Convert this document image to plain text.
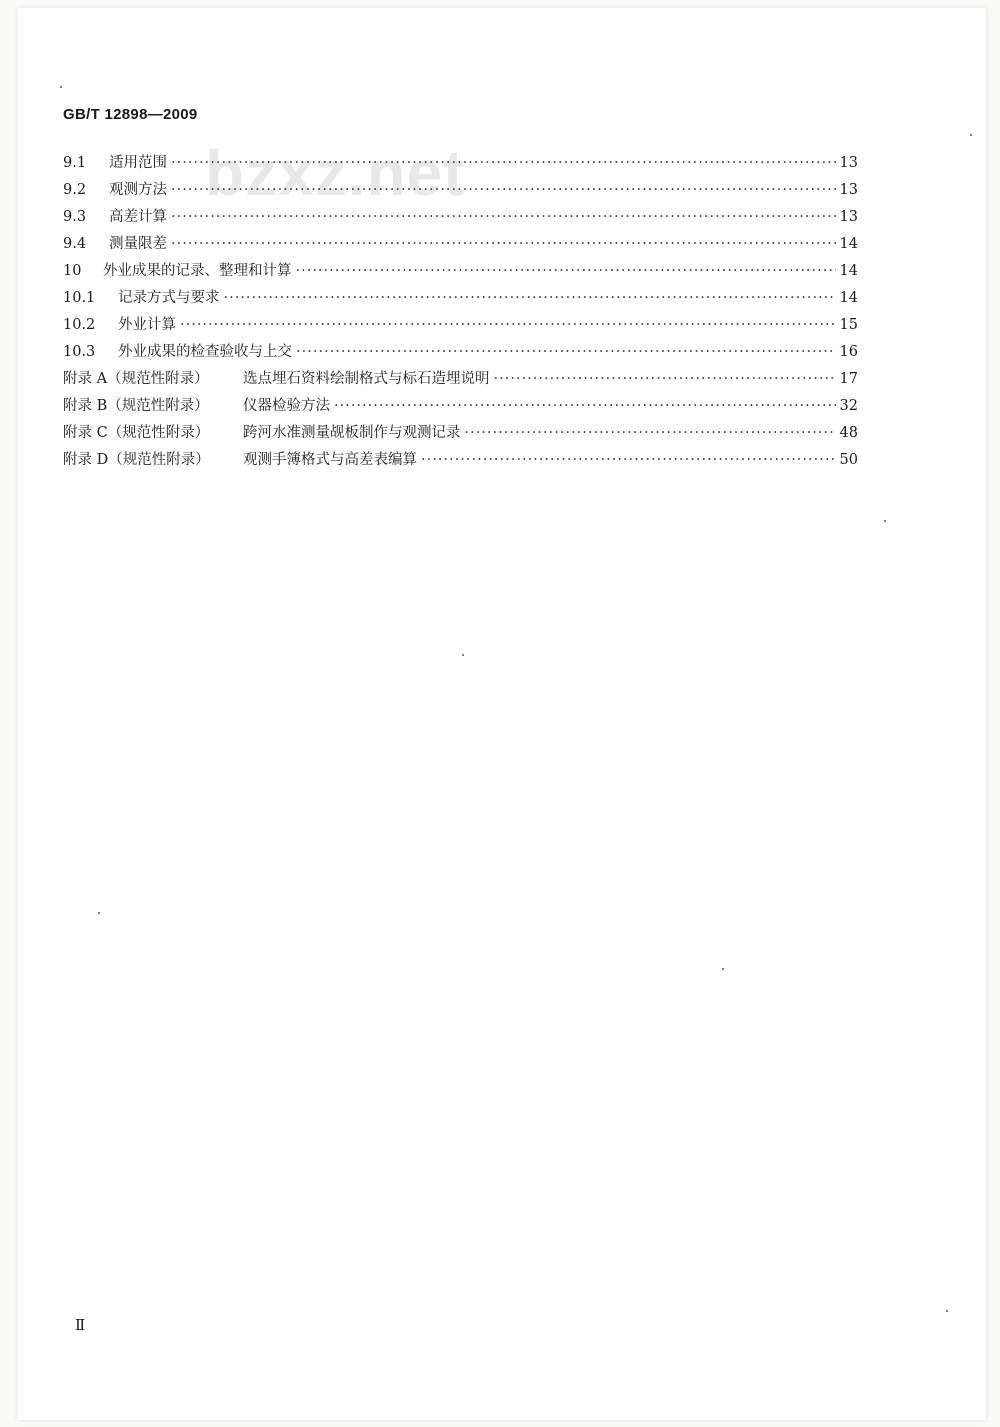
GB/T 12898—2009
bzxz.net
9.1	适用范围 ·····	13
9.2	观测方法 ·····	13
9.3	高差计算 ·····	13
9.4	测量限差 ·····	14
10	外业成果的记录、整理和计算 ·····	14
10.1	记录方式与要求 ·····	14
10.2	外业计算 ·····	15
10.3	外业成果的检查验收与上交 ·····	16
附录 A（规范性附录）	选点埋石资料绘制格式与标石造埋说明 ·····	17
附录 B（规范性附录）	仪器检验方法 ·····	32
附录 C（规范性附录）	跨河水准测量觇板制作与观测记录 ·····	48
附录 D（规范性附录）	观测手簿格式与高差表编算 ·····	50
Ⅱ
